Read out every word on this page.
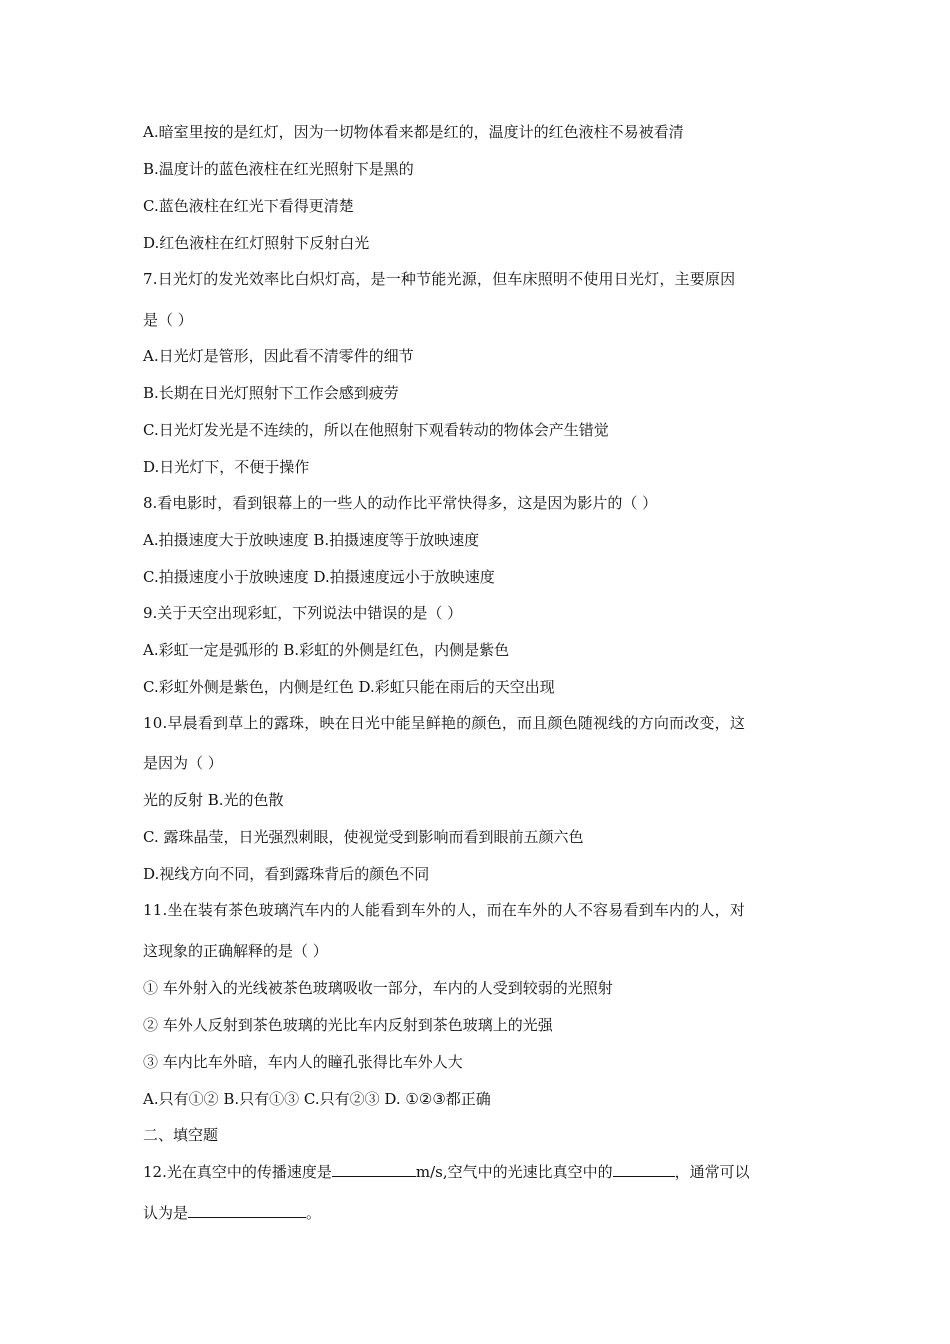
A.暗室里按的是红灯，因为一切物体看来都是红的，温度计的红色液柱不易被看清

B.温度计的蓝色液柱在红光照射下是黑的

C.蓝色液柱在红光下看得更清楚

D.红色液柱在红灯照射下反射白光

7.日光灯的发光效率比白炽灯高，是一种节能光源，但车床照明不使用日光灯，主要原因

是（ ）

A.日光灯是管形，因此看不清零件的细节

B.长期在日光灯照射下工作会感到疲劳

C.日光灯发光是不连续的，所以在他照射下观看转动的物体会产生错觉

D.日光灯下，不便于操作

8.看电影时，看到银幕上的一些人的动作比平常快得多，这是因为影片的（ ）

A.拍摄速度大于放映速度 B.拍摄速度等于放映速度

C.拍摄速度小于放映速度 D.拍摄速度远小于放映速度

9.关于天空出现彩虹，下列说法中错误的是（ ）

A.彩虹一定是弧形的 B.彩虹的外侧是红色，内侧是紫色

C.彩虹外侧是紫色，内侧是红色 D.彩虹只能在雨后的天空出现

10.早晨看到草上的露珠，映在日光中能呈鲜艳的颜色，而且颜色随视线的方向而改变，这

是因为（ ）

光的反射 B.光的色散

C. 露珠晶莹，日光强烈刺眼，使视觉受到影响而看到眼前五颜六色

D.视线方向不同，看到露珠背后的颜色不同

11.坐在装有茶色玻璃汽车内的人能看到车外的人，而在车外的人不容易看到车内的人，对

这现象的正确解释的是（ ）

① 车外射入的光线被茶色玻璃吸收一部分，车内的人受到较弱的光照射

② 车外人反射到茶色玻璃的光比车内反射到茶色玻璃上的光强

③ 车内比车外暗，车内人的瞳孔张得比车外人大

A.只有①② B.只有①③ C.只有②③ D. ①②③都正确

二、填空题

12.光在真空中的传播速度是	m/s,空气中的光速比真空中的	，通常可以

认为是	。
